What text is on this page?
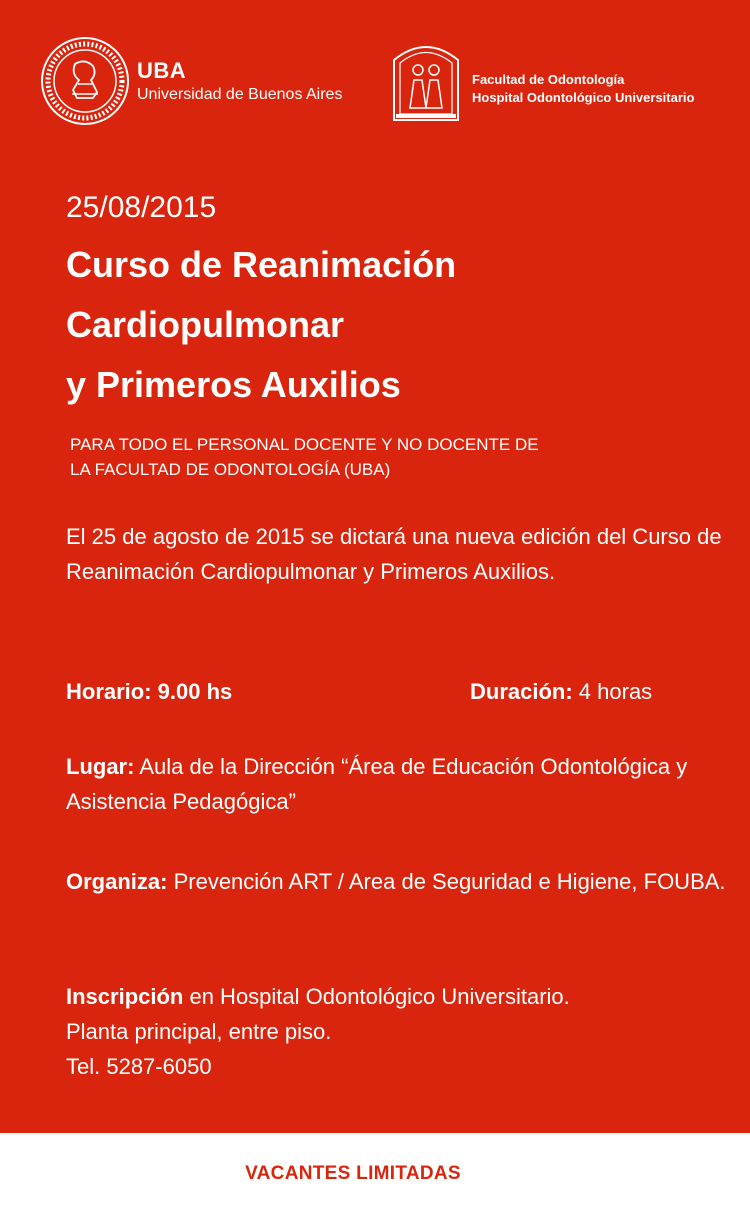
UBA
Universidad de Buenos Aires
Facultad de Odontología
Hospital Odontológico Universitario
25/08/2015
Curso de Reanimación
Cardiopulmonar
y Primeros Auxilios
PARA TODO EL PERSONAL DOCENTE Y NO DOCENTE DE
LA FACULTAD DE ODONTOLOGÍA (UBA)
El 25 de agosto de 2015 se dictará una nueva edición del Curso de Reanimación Cardiopulmonar y Primeros Auxilios.
Horario: 9.00 hs	Duración: 4 horas
Lugar: Aula de la Dirección “Área de Educación Odontológica y Asistencia Pedagógica”
Organiza: Prevención ART / Area de Seguridad e Higiene, FOUBA.
Inscripción en Hospital Odontológico Universitario.
Planta principal, entre piso.
Tel. 5287-6050
VACANTES LIMITADAS
